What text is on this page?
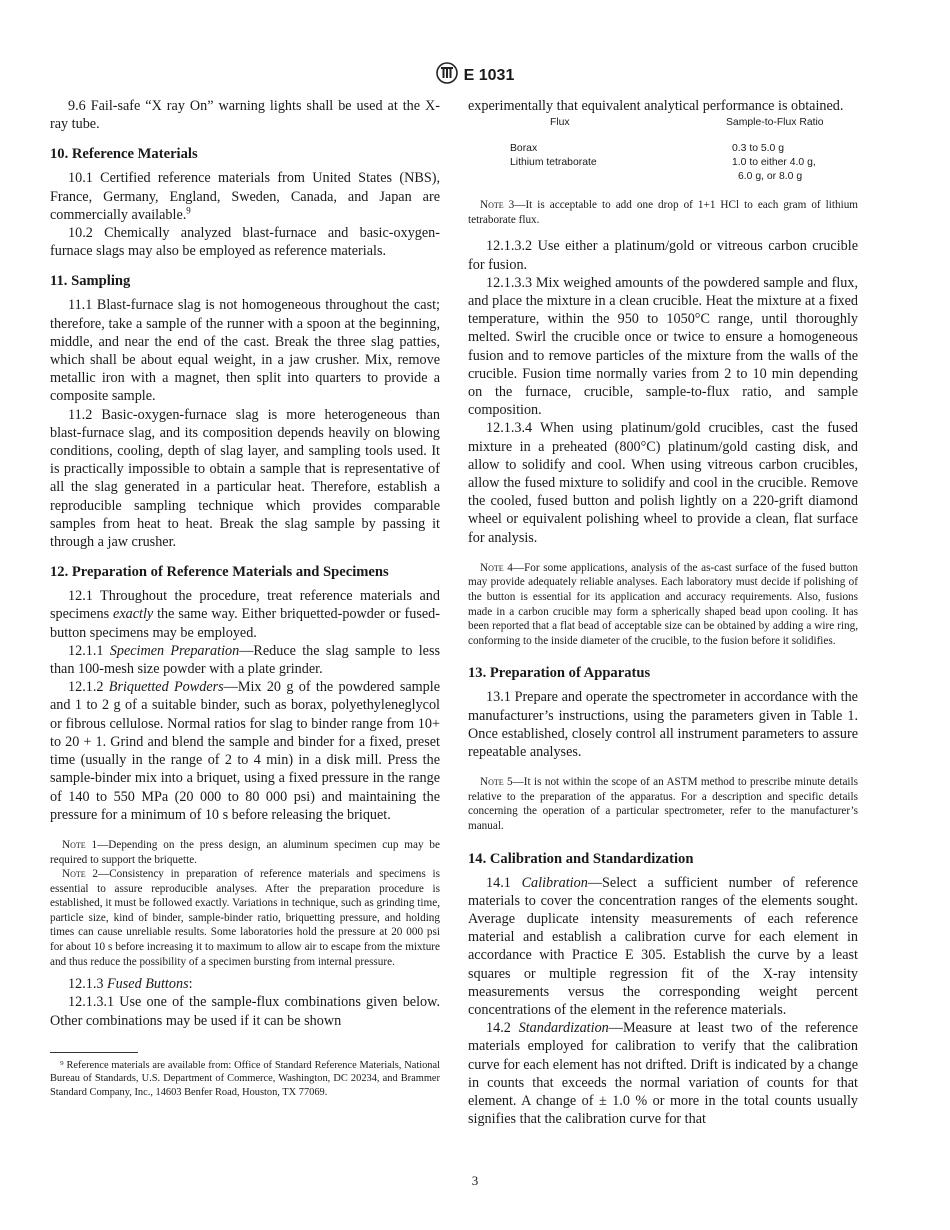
E 1031

9.6 Fail-safe “X ray On” warning lights shall be used at the X-ray tube.

10. Reference Materials

10.1 Certified reference materials from United States (NBS), France, Germany, England, Sweden, Canada, and Japan are commercially available.$^9$

10.2 Chemically analyzed blast-furnace and basic-oxygen-furnace slags may also be employed as reference materials.

11. Sampling

11.1 Blast-furnace slag is not homogeneous throughout the cast; therefore, take a sample of the runner with a spoon at the beginning, middle, and near the end of the cast. Break the three slag patties, which shall be about equal weight, in a jaw crusher. Mix, remove metallic iron with a magnet, then split into quarters to provide a composite sample.

11.2 Basic-oxygen-furnace slag is more heterogeneous than blast-furnace slag, and its composition depends heavily on blowing conditions, cooling, depth of slag layer, and sampling tools used. It is practically impossible to obtain a sample that is representative of all the slag generated in a particular heat. Therefore, establish a reproducible sampling technique which provides comparable samples from heat to heat. Break the slag sample by passing it through a jaw crusher.

12. Preparation of Reference Materials and Specimens

12.1 Throughout the procedure, treat reference materials and specimens exactly the same way. Either briquetted-powder or fused-button specimens may be employed.

12.1.1 Specimen Preparation—Reduce the slag sample to less than 100-mesh size powder with a plate grinder.

12.1.2 Briquetted Powders—Mix 20 g of the powdered sample and 1 to 2 g of a suitable binder, such as borax, polyethyleneglycol or fibrous cellulose. Normal ratios for slag to binder range from 10+ to 20 + 1. Grind and blend the sample and binder for a fixed, preset time (usually in the range of 2 to 4 min) in a disk mill. Press the sample-binder mix into a briquet, using a fixed pressure in the range of 140 to 550 MPa (20 000 to 80 000 psi) and maintaining the pressure for a minimum of 10 s before releasing the briquet.

Note 1—Depending on the press design, an aluminum specimen cup may be required to support the briquette.

Note 2—Consistency in preparation of reference materials and specimens is essential to assure reproducible analyses. After the preparation procedure is established, it must be followed exactly. Variations in technique, such as grinding time, particle size, kind of binder, sample-binder ratio, briquetting pressure, and holding times can cause unreliable results. Some laboratories hold the pressure at 20 000 psi for about 10 s before increasing it to maximum to allow air to escape from the mixture and thus reduce the possibility of a specimen bursting from internal pressure.

12.1.3 Fused Buttons:

12.1.3.1 Use one of the sample-flux combinations given below. Other combinations may be used if it can be shown

⁹ Reference materials are available from: Office of Standard Reference Materials, National Bureau of Standards, U.S. Department of Commerce, Washington, DC 20234, and Brammer Standard Company, Inc., 14603 Benfer Road, Houston, TX 77069.

experimentally that equivalent analytical performance is obtained.

Flux	Sample-to-Flux Ratio
Borax	0.3 to 5.0 g
Lithium tetraborate	1.0 to either 4.0 g,
6.0 g, or 8.0 g

Note 3—It is acceptable to add one drop of 1+1 HCl to each gram of lithium tetraborate flux.

12.1.3.2 Use either a platinum/gold or vitreous carbon crucible for fusion.

12.1.3.3 Mix weighed amounts of the powdered sample and flux, and place the mixture in a clean crucible. Heat the mixture at a fixed temperature, within the 950 to 1050°C range, until thoroughly melted. Swirl the crucible once or twice to ensure a homogeneous fusion and to remove particles of the mixture from the walls of the crucible. Fusion time normally varies from 2 to 10 min depending on the furnace, crucible, sample-to-flux ratio, and sample composition.

12.1.3.4 When using platinum/gold crucibles, cast the fused mixture in a preheated (800°C) platinum/gold casting disk, and allow to solidify and cool. When using vitreous carbon crucibles, allow the fused mixture to solidify and cool in the crucible. Remove the cooled, fused button and polish lightly on a 220-grift diamond wheel or equivalent polishing wheel to provide a clean, flat surface for analysis.

Note 4—For some applications, analysis of the as-cast surface of the fused button may provide adequately reliable analyses. Each laboratory must decide if polishing of the button is essential for its application and accuracy requirements. Also, fusions made in a carbon crucible may form a spherically shaped bead upon cooling. It has been reported that a flat bead of acceptable size can be obtained by adding a wire ring, conforming to the inside diameter of the crucible, to the fusion before it solidifies.

13. Preparation of Apparatus

13.1 Prepare and operate the spectrometer in accordance with the manufacturer’s instructions, using the parameters given in Table 1. Once established, closely control all instrument parameters to assure repeatable analyses.

Note 5—It is not within the scope of an ASTM method to prescribe minute details relative to the preparation of the apparatus. For a description and specific details concerning the operation of a particular spectrometer, refer to the manufacturer’s manual.

14. Calibration and Standardization

14.1 Calibration—Select a sufficient number of reference materials to cover the concentration ranges of the elements sought. Average duplicate intensity measurements of each reference material and establish a calibration curve for each element in accordance with Practice E 305. Establish the curve by a least squares or multiple regression fit of the X-ray intensity measurements versus the corresponding weight percent concentrations of the element in the reference materials.

14.2 Standardization—Measure at least two of the reference materials employed for calibration to verify that the calibration curve for each element has not drifted. Drift is indicated by a change in counts that exceeds the normal variation of counts for that element. A change of ± 1.0 % or more in the total counts usually signifies that the calibration curve for that

3
